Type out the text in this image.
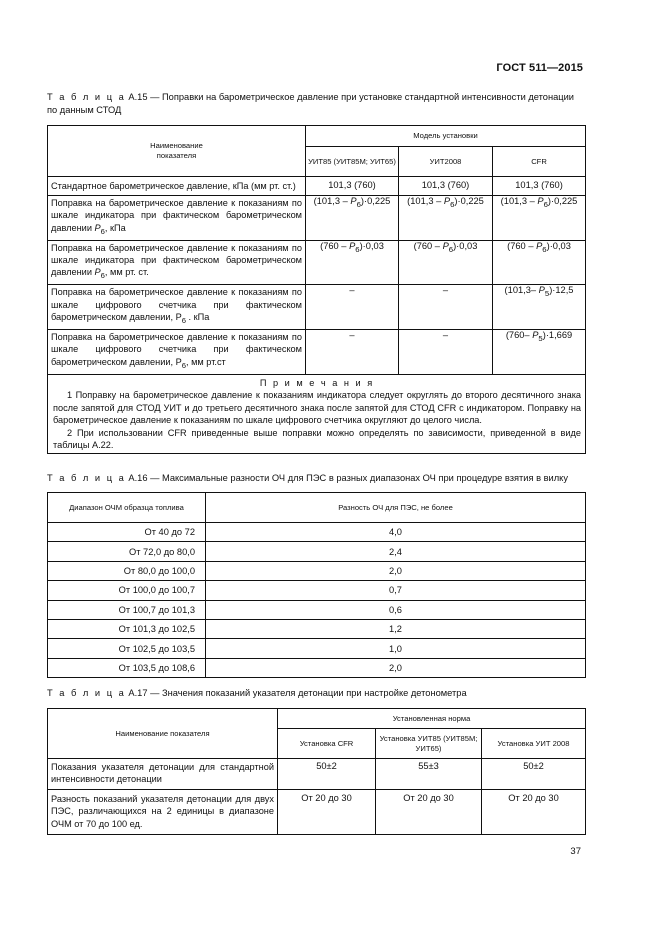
ГОСТ 511—2015
Т а б л и ц а А.15 — Поправки на барометрическое давление при установке стандартной интенсивности детонации по данным СТОД
Наименование показателя	Модель установки		
	УИТ85 (УИТ85М; УИТ65)	УИТ2008	CFR
Стандартное барометрическое давление, кПа (мм рт. ст.)	101,3 (760)	101,3 (760)	101,3 (760)
Поправка на барометрическое давление к показаниям по шкале индикатора при фактическом барометрическом давлении $P_6$, кПа	$(101,3 - P_6)\cdot 0,225$	$(101,3 - P_6)\cdot 0,225$	$(101,3 - P_6)\cdot 0,225$
Поправка на барометрическое давление к показаниям по шкале индикатора при фактическом барометрическом давлении $P_6$, мм рт. ст.	$(760 - P_6)\cdot 0,03$	$(760 - P_6)\cdot 0,03$	$(760 - P_6)\cdot 0,03$
Поправка на барометрическое давление к показаниям по шкале цифрового счетчика при фактическом барометрическом давлении, $P_6$ . кПа	–	–	(101,3– $P_5)\cdot 12,5$
Поправка на барометрическое давление к показаниям по шкале цифрового счетчика при фактическом барометрическом давлении, $P_6$, мм рт.ст	–	–	(760– $P_5)\cdot 1,669$

П р и м е ч а н и я

1 Поправку на барометрическое давление к показаниям индикатора следует округлять до второго десятичного знака после запятой для СТОД УИТ и до третьего десятичного знака после запятой для СТОД CFR с индикатором. Поправку на барометрическое давление к показаниям по шкале цифрового счетчика округляют до целого числа.

2 При использовании CFR приведенные выше поправки можно определять по зависимости, приведенной в виде таблицы А.22.			

Т а б л и ц а А.16 — Максимальные разности ОЧ для ПЭС в разных диапазонах ОЧ при процедуре взятия в вилку
Диапазон ОЧМ образца топлива	Разность ОЧ для ПЭС, не более
От 40 до 72	4,0
От 72,0 до 80,0	2,4
От 80,0 до 100,0	2,0
От 100,0 до 100,7	0,7
От 100,7 до 101,3	0,6
От 101,3 до 102,5	1,2
От 102,5 до 103,5	1,0
От 103,5 до 108,6	2,0
Т а б л и ц а А.17 — Значения показаний указателя детонации при настройке детонометра
Наименование показателя	Установленная норма		
	Установка CFR	Установка УИТ85 (УИТ85М; УИТ65)	Установка УИТ 2008
Показания указателя детонации для стандартной интенсивности детонации	50±2	55±3	50±2
Разность показаний указателя детонации для двух ПЭС, различающихся на 2 единицы в диапазоне ОЧМ от 70 до 100 ед.	От 20 до 30	От 20 до 30	От 20 до 30
37
